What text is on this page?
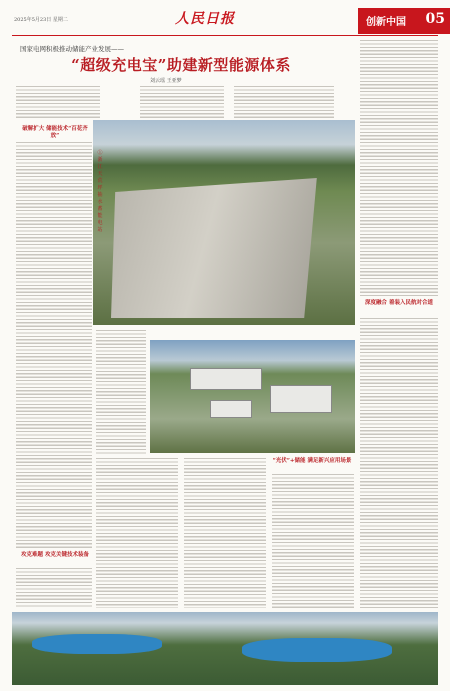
2025年5月23日 星期二	人民日报	创新中国 05
国家电网积极推动储能产业发展——
“超级充电宝”助建新型能源体系
刘云瑶 王亚梦
深度融合 着装入民航对合道
破解扩大 储能技术“百花齐放”
攻克难题 攻克关键技术装备
①浙江天荒坪抽水蓄能电站
“光伏”+储能 满足新兴应用场景
